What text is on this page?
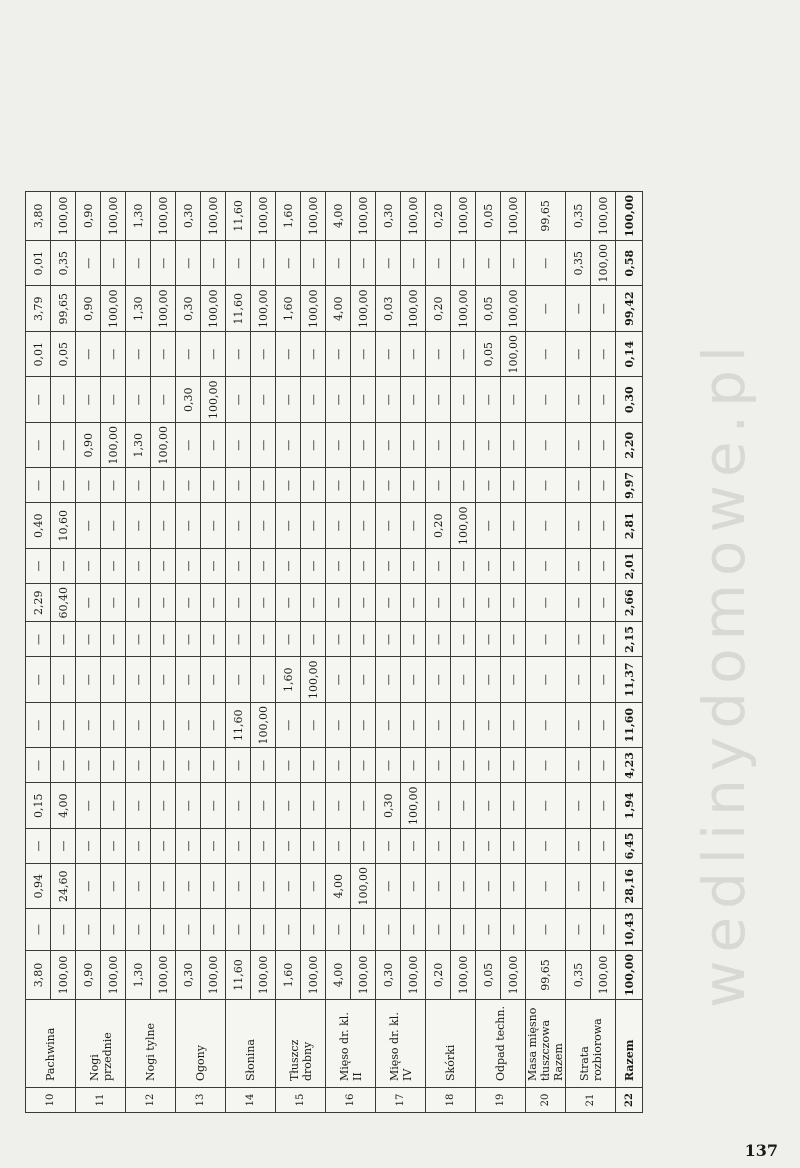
10	Pachwina	3,80	—	0,94	—	0,15	—	—	—	—	2,29	—	0,40	—	—	—	0,01	3,79	0,01	3,80
		100,00	—	24,60	—	4,00	—	—	—	—	60,40	—	10,60	—	—	—	0,05	99,65	0,35	100,00
11	Nogi przednie	0,90	—	—	—	—	—	—	—	—	—	—	—	—	0,90	—	—	0,90	—	0,90
		100,00	—	—	—	—	—	—	—	—	—	—	—	—	100,00	—	—	100,00	—	100,00
12	Nogi tylne	1,30	—	—	—	—	—	—	—	—	—	—	—	—	1,30	—	—	1,30	—	1,30
		100,00	—	—	—	—	—	—	—	—	—	—	—	—	100,00	—	—	100,00	—	100,00
13	Ogony	0,30	—	—	—	—	—	—	—	—	—	—	—	—	—	0,30	—	0,30	—	0,30
		100,00	—	—	—	—	—	—	—	—	—	—	—	—	—	100,00	—	100,00	—	100,00
14	Słonina	11,60	—	—	—	—	—	11,60	—	—	—	—	—	—	—	—	—	11,60	—	11,60
		100,00	—	—	—	—	—	100,00	—	—	—	—	—	—	—	—	—	100,00	—	100,00
15	Tłuszcz drobny	1,60	—	—	—	—	—	—	1,60	—	—	—	—	—	—	—	—	1,60	—	1,60
		100,00	—	—	—	—	—	—	100,00	—	—	—	—	—	—	—	—	100,00	—	100,00
16	Mięso dr. kl. II	4,00	—	4,00	—	—	—	—	—	—	—	—	—	—	—	—	—	4,00	—	4,00
		100,00	—	100,00	—	—	—	—	—	—	—	—	—	—	—	—	—	100,00	—	100,00
17	Mięso dr. kl. IV	0,30	—	—	—	0,30	—	—	—	—	—	—	—	—	—	—	—	0,03	—	0,30
		100,00	—	—	—	100,00	—	—	—	—	—	—	—	—	—	—	—	100,00	—	100,00
18	Skórki	0,20	—	—	—	—	—	—	—	—	—	—	0,20	—	—	—	—	0,20	—	0,20
		100,00	—	—	—	—	—	—	—	—	—	—	100,00	—	—	—	—	100,00	—	100,00
19	Odpad techn.	0,05	—	—	—	—	—	—	—	—	—	—	—	—	—	—	0,05	0,05	—	0,05
		100,00	—	—	—	—	—	—	—	—	—	—	—	—	—	—	100,00	100,00	—	100,00
20	Masa mięsno tłuszczowa Razem	99,65	—	—	—	—	—	—	—	—	—	—	—	—	—	—	—	—	—	99,65
21	Strata rozbiorowa	0,35	—	—	—	—	—	—	—	—	—	—	—	—	—	—	—	—	0,35	0,35
		100,00	—	—	—	—	—	—	—	—	—	—	—	—	—	—	—	—	100,00	100,00
22	Razem	100,00	10,43	28,16	6,45	1,94	4,23	11,60	11,37	2,15	2,66	2,01	2,81	9,97	2,20	0,30	0,14	99,42	0,58	100,00
wedlinydomowe.pl
137
